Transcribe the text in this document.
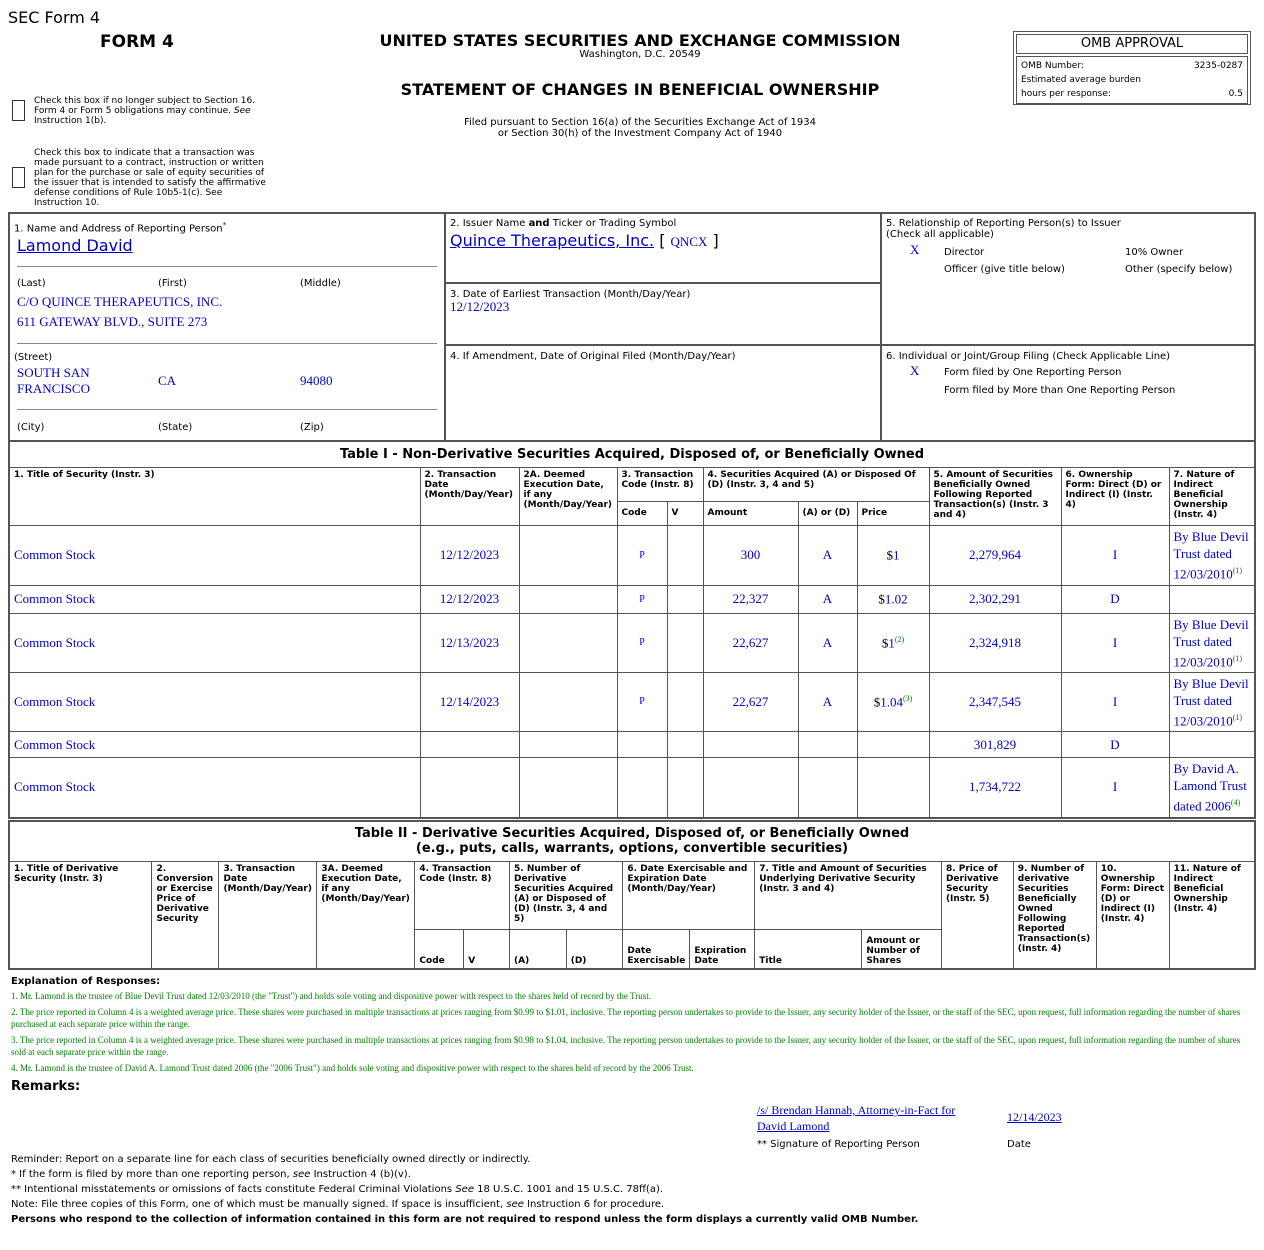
SEC Form 4
FORM 4	UNITED STATES SECURITIES AND EXCHANGE COMMISSION
Washington, D.C. 20549
STATEMENT OF CHANGES IN BENEFICIAL OWNERSHIP
Filed pursuant to Section 16(a) of the Securities Exchange Act of 1934
or Section 30(h) of the Investment Company Act of 1940
OMB APPROVAL
OMB Number:	3235-0287
Estimated average burden
hours per response:	0.5
Check this box if no longer subject to Section 16. Form 4 or Form 5 obligations may continue. See Instruction 1(b).
Check this box to indicate that a transaction was made pursuant to a contract, instruction or written plan for the purchase or sale of equity securities of the issuer that is intended to satisfy the affirmative defense conditions of Rule 10b5-1(c). See Instruction 10.
1. Name and Address of Reporting Person*
Lamond David
(Last)	(First)	(Middle)
C/O QUINCE THERAPEUTICS, INC.
611 GATEWAY BLVD., SUITE 273
(Street)
SOUTH SAN FRANCISCO
CA	94080
(City)	(State)	(Zip)
2. Issuer Name and Ticker or Trading Symbol
Quince Therapeutics, Inc. [ QNCX ]
3. Date of Earliest Transaction (Month/Day/Year)
12/12/2023
4. If Amendment, Date of Original Filed (Month/Day/Year)
5. Relationship of Reporting Person(s) to Issuer
(Check all applicable)
X Director	10% Owner
Officer (give title below)	Other (specify below)
6. Individual or Joint/Group Filing (Check Applicable Line)
X Form filed by One Reporting Person
Form filed by More than One Reporting Person
Table I - Non-Derivative Securities Acquired, Disposed of, or Beneficially Owned										
1. Title of Security (Instr. 3)	2. Transaction Date (Month/Day/Year)	2A. Deemed Execution Date, if any (Month/Day/Year)	3. Transaction Code (Instr. 8)		4. Securities Acquired (A) or Disposed Of (D) (Instr. 3, 4 and 5)			5. Amount of Securities Beneficially Owned Following Reported Transaction(s) (Instr. 3 and 4)	6. Ownership Form: Direct (D) or Indirect (I) (Instr. 4)	7. Nature of Indirect Beneficial Ownership (Instr. 4)
			Code	V	Amount	(A) or (D)	Price			
Common Stock	12/12/2023		P		300	A	$1	2,279,964	I	By Blue Devil Trust dated 12/03/2010$^{(1)}$
Common Stock	12/12/2023		P		22,327	A	$1.02	2,302,291	D	
Common Stock	12/13/2023		P		22,627	A	$1$^{(2)}$	2,324,918	I	By Blue Devil Trust dated 12/03/2010$^{(1)}$
Common Stock	12/14/2023		P		22,627	A	$1.04$^{(3)}$	2,347,545	I	By Blue Devil Trust dated 12/03/2010$^{(1)}$
Common Stock								301,829	D	
Common Stock								1,734,722	I	By David A. Lamond Trust dated 2006$^{(4)}$
Table II - Derivative Securities Acquired, Disposed of, or Beneficially Owned
(e.g., puts, calls, warrants, options, convertible securities)															

1. Title of Derivative Security (Instr. 3)	2. Conversion or Exercise Price of Derivative Security	3. Transaction Date (Month/Day/Year)	3A. Deemed Execution Date, if any (Month/Day/Year)	4. Transaction Code (Instr. 8)		5. Number of Derivative Securities Acquired (A) or Disposed of (D) (Instr. 3, 4 and 5)		6. Date Exercisable and Expiration Date (Month/Day/Year)		7. Title and Amount of Securities Underlying Derivative Security (Instr. 3 and 4)		8. Price of Derivative Security (Instr. 5)	9. Number of derivative Securities Beneficially Owned Following Reported Transaction(s) (Instr. 4)	10. Ownership Form: Direct (D) or Indirect (I) (Instr. 4)	11. Nature of Indirect Beneficial Ownership (Instr. 4)
				Code	V	(A)	(D)	Date Exercisable	Expiration Date	Title	Amount or Number of Shares				
Explanation of Responses:
1. Mr. Lamond is the trustee of Blue Devil Trust dated 12/03/2010 (the "Trust") and holds sole voting and dispositive power with respect to the shares held of record by the Trust.
2. The price reported in Column 4 is a weighted average price. These shares were purchased in multiple transactions at prices ranging from $0.99 to $1.01, inclusive. The reporting person undertakes to provide to the Issuer, any security holder of the Issuer, or the staff of the SEC, upon request, full information regarding the number of shares purchased at each separate price within the range.
3. The price reported in Column 4 is a weighted average price. These shares were purchased in multiple transactions at prices ranging from $0.98 to $1.04, inclusive. The reporting person undertakes to provide to the Issuer, any security holder of the Issuer, or the staff of the SEC, upon request, full information regarding the number of shares sold at each separate price within the range.
4. Mr. Lamond is the trustee of David A. Lamond Trust dated 2006 (the "2006 Trust") and holds sole voting and dispositive power with respect to the shares held of record by the 2006 Trust.
Remarks:
/s/ Brendan Hannah, Attorney-in-Fact for David Lamond
12/14/2023
** Signature of Reporting Person	Date
Reminder: Report on a separate line for each class of securities beneficially owned directly or indirectly.
* If the form is filed by more than one reporting person, see Instruction 4 (b)(v).
** Intentional misstatements or omissions of facts constitute Federal Criminal Violations See 18 U.S.C. 1001 and 15 U.S.C. 78ff(a).
Note: File three copies of this Form, one of which must be manually signed. If space is insufficient, see Instruction 6 for procedure.
Persons who respond to the collection of information contained in this form are not required to respond unless the form displays a currently valid OMB Number.
